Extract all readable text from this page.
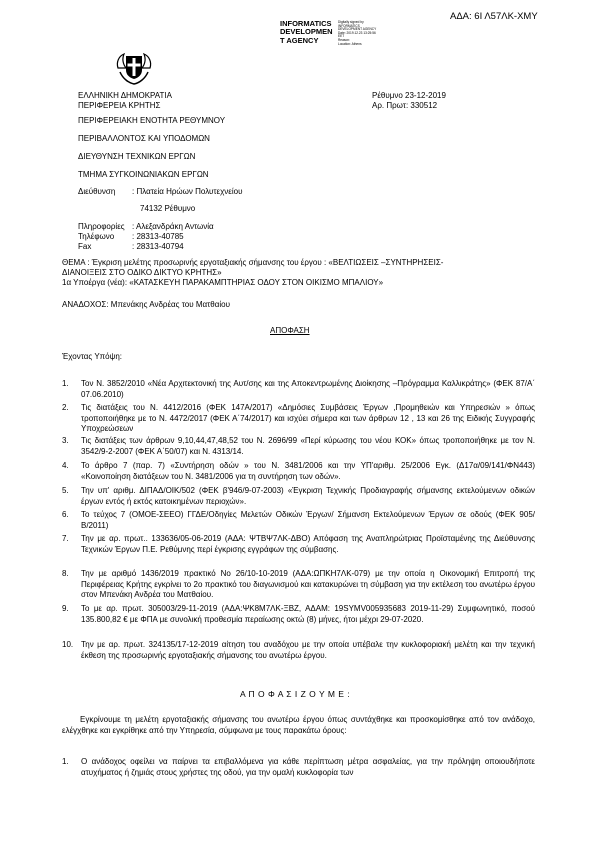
ΑΔΑ: 6Ι Λ57ΛΚ-ΧΜΥ
INFORMATICS
DEVELOPMEN
T AGENCY
Digitally signed by
INFORMATICS
DEVELOPMENT AGENCY
Date: 2019.12.23 13:25:56
EET
Reason:
Location: Athens
ΕΛΛΗΝΙΚΗ ΔΗΜΟΚΡΑΤΙΑ
ΠΕΡΙΦΕΡΕΙΑ ΚΡΗΤΗΣ
ΠΕΡΙΦΕΡΕΙΑΚΗ ΕΝΟΤΗΤΑ ΡΕΘΥΜΝΟΥ
ΠΕΡΙΒΑΛΛΟΝΤΟΣ ΚΑΙ ΥΠΟΔΟΜΩΝ
ΔΙΕΥΘΥΝΣΗ ΤΕΧΝΙΚΩΝ ΕΡΓΩΝ
ΤΜΗΜΑ ΣΥΓΚΟΙΝΩΝΙΑΚΩΝ ΕΡΓΩΝ
Ρέθυμνο 23-12-2019
Αρ. Πρωτ: 330512
Διεύθυνση : Πλατεία Ηρώων Πολυτεχνείου
74132 Ρέθυμνο
Πληροφορίες : Αλεξανδράκη Αντωνία
Τηλέφωνο : 28313-40785
Fax	: 28313-40794
ΘΕΜΑ : Έγκριση μελέτης προσωρινής εργοταξιακής σήμανσης του έργου : «ΒΕΛΤΙΩΣΕΙΣ –ΣΥΝΤΗΡΗΣΕΙΣ-
ΔΙΑΝΟΙΞΕΙΣ ΣΤΟ ΟΔΙΚΟ ΔΙΚΤΥΟ ΚΡΗΤΗΣ»
1α Υποέργα (νέα): «ΚΑΤΑΣΚΕΥΗ ΠΑΡΑΚΑΜΠΤΗΡΙΑΣ ΟΔΟΥ ΣΤΟΝ ΟΙΚΙΣΜΟ ΜΠΑΛΙΟΥ»
ΑΝΑΔΟΧΟΣ: Μπενάκης Ανδρέας του Ματθαίου
ΑΠΟΦΑΣΗ
Έχοντας Υπόψη:
1. Τον Ν. 3852/2010 «Νέα Αρχιτεκτονική της Αυτ/σης και της Αποκεντρωμένης Διοίκησης –Πρόγραμμα Καλλικράτης» (ΦΕΚ 87/Α΄ 07.06.2010)
2. Τις διατάξεις του Ν. 4412/2016 (ΦΕΚ 147Α/2017) «Δημόσιες Συμβάσεις Έργων ,Προμηθειών και Υπηρεσιών » όπως τροποποιήθηκε με το Ν. 4472/2017 (ΦΕΚ Α΄74/2017) και ισχύει σήμερα και των άρθρων 12 , 13 και 26 της Ειδικής Συγγραφής Υποχρεώσεων
3. Τις διατάξεις των άρθρων 9,10,44,47,48,52 του Ν. 2696/99 «Περί κύρωσης του νέου ΚΟΚ» όπως τροποποιήθηκε με τον Ν. 3542/9-2-2007 (ΦΕΚ Α΄50/07) και Ν. 4313/14.
4. Το άρθρο 7 (παρ. 7) «Συντήρηση οδών » του Ν. 3481/2006 και την ΥΠ'αριθμ. 25/2006 Εγκ. (Δ17α/09/141/ΦΝ443) «Κοινοποίηση διατάξεων του Ν. 3481/2006 για τη συντήρηση των οδών».
5. Την υπ' αριθμ. ΔΙΠΑΔ/ΟΙΚ/502 (ΦΕΚ β'946/9-07-2003) «Έγκριση Τεχνικής Προδιαγραφής σήμανσης εκτελούμενων οδικών έργων εντός ή εκτός κατοικημένων περιοχών».
6. Το τεύχος 7 (ΟΜΟΕ-ΣΕΕΟ) ΓΓΔΕ/Οδηγίες Μελετών Οδικών Έργων/ Σήμανση Εκτελούμενων Έργων σε οδούς (ΦΕΚ 905/ Β/2011)
7. Την με αρ. πρωτ.. 133636/05-06-2019 (ΑΔΑ: ΨΤΒΨ7ΛΚ-ΔΒΟ) Απόφαση της Αναπληρώτριας Προϊσταμένης της Διεύθυνσης Τεχνικών Έργων Π.Ε. Ρεθύμνης περί έγκρισης εγγράφων της σύμβασης.
8. Την με αριθμό 1436/2019 πρακτικό Νο 26/10-10-2019 (ΑΔΑ:ΩΠΚΗ7ΛΚ-079) με την οποία η Οικονομική Επιτροπή της Περιφέρειας Κρήτης εγκρίνει το 2ο πρακτικό του διαγωνισμού και κατακυρώνει τη σύμβαση για την εκτέλεση του ανωτέρω έργου στον Μπενάκη Ανδρέα του Ματθαίου.
9. Το με αρ. πρωτ. 305003/29-11-2019 (ΑΔΑ:ΨΚ8Μ7ΛΚ-ΞΒΖ, ΑΔΑΜ: 19SYMV005935683 2019-11-29) Συμφωνητικό, ποσού 135.800,82 € με ΦΠΑ με συνολική προθεσμία περαίωσης οκτώ (8) μήνες, ήτοι μέχρι 29-07-2020.
10. Την με αρ. πρωτ. 324135/17-12-2019 αίτηση του αναδόχου με την οποία υπέβαλε την κυκλοφοριακή μελέτη και την τεχνική έκθεση της προσωρινής εργοταξιακής σήμανσης του ανωτέρω έργου.
Α Π Ο Φ Α Σ Ι Ζ Ο Υ Μ Ε :
Εγκρίνουμε τη μελέτη εργοταξιακής σήμανσης του ανωτέρω έργου όπως συντάχθηκε και προσκομίσθηκε από τον ανάδοχο, ελέγχθηκε και εγκρίθηκε από την Υπηρεσία, σύμφωνα με τους παρακάτω όρους:
1. Ο ανάδοχος οφείλει να παίρνει τα επιβαλλόμενα για κάθε περίπτωση μέτρα ασφαλείας, για την πρόληψη οποιουδήποτε ατυχήματος ή ζημιάς στους χρήστες της οδού, για την ομαλή κυκλοφορία των
